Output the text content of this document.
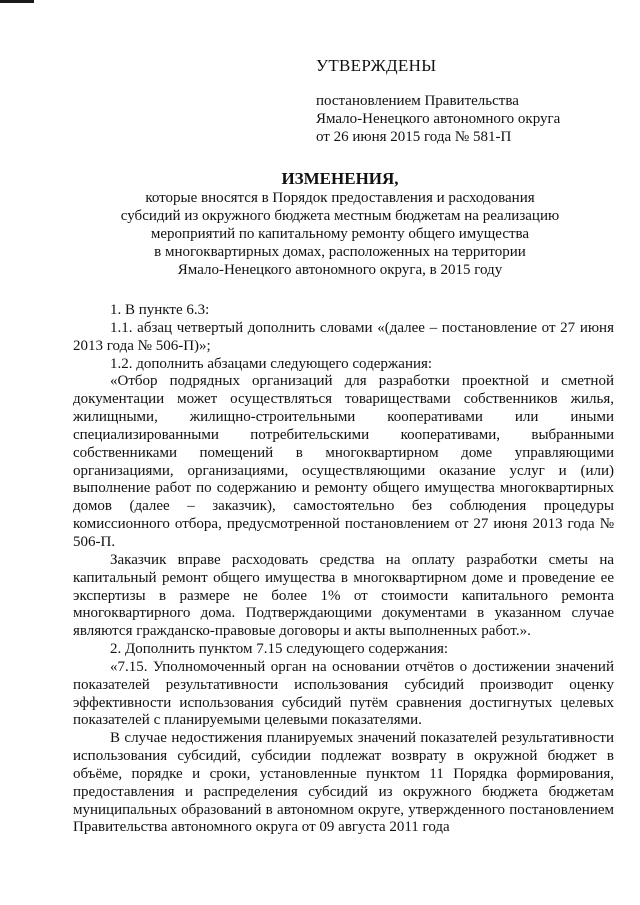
УТВЕРЖДЕНЫ
постановлением Правительства
Ямало-Ненецкого автономного округа
от 26 июня 2015 года № 581-П
ИЗМЕНЕНИЯ,
которые вносятся в Порядок предоставления и расходования
субсидий из окружного бюджета местным бюджетам на реализацию
мероприятий по капитальному ремонту общего имущества
в многоквартирных домах, расположенных на территории
Ямало-Ненецкого автономного округа, в 2015 году

1. В пункте 6.3:

1.1. абзац четвертый дополнить словами «(далее – постановление от 27 июня 2013 года № 506-П)»;

1.2. дополнить абзацами следующего содержания:

«Отбор подрядных организаций для разработки проектной и сметной документации может осуществляться товариществами собственников жилья, жилищными, жилищно-строительными кооперативами или иными специализированными потребительскими кооперативами, выбранными собственниками помещений в многоквартирном доме управляющими организациями, организациями, осуществляющими оказание услуг и (или) выполнение работ по содержанию и ремонту общего имущества многоквартирных домов (далее – заказчик), самостоятельно без соблюдения процедуры комиссионного отбора, предусмотренной постановлением от 27 июня 2013 года № 506-П.

Заказчик вправе расходовать средства на оплату разработки сметы на капитальный ремонт общего имущества в многоквартирном доме и проведение ее экспертизы в размере не более 1% от стоимости капитального ремонта многоквартирного дома. Подтверждающими документами в указанном случае являются гражданско-правовые договоры и акты выполненных работ.».

2. Дополнить пунктом 7.15 следующего содержания:

«7.15. Уполномоченный орган на основании отчётов о достижении значений показателей результативности использования субсидий производит оценку эффективности использования субсидий путём сравнения достигнутых целевых показателей с планируемыми целевыми показателями.

В случае недостижения планируемых значений показателей результативности использования субсидий, субсидии подлежат возврату в окружной бюджет в объёме, порядке и сроки, установленные пунктом 11 Порядка формирования, предоставления и распределения субсидий из окружного бюджета бюджетам муниципальных образований в автономном округе, утвержденного постановлением Правительства автономного округа от 09 августа 2011 года
